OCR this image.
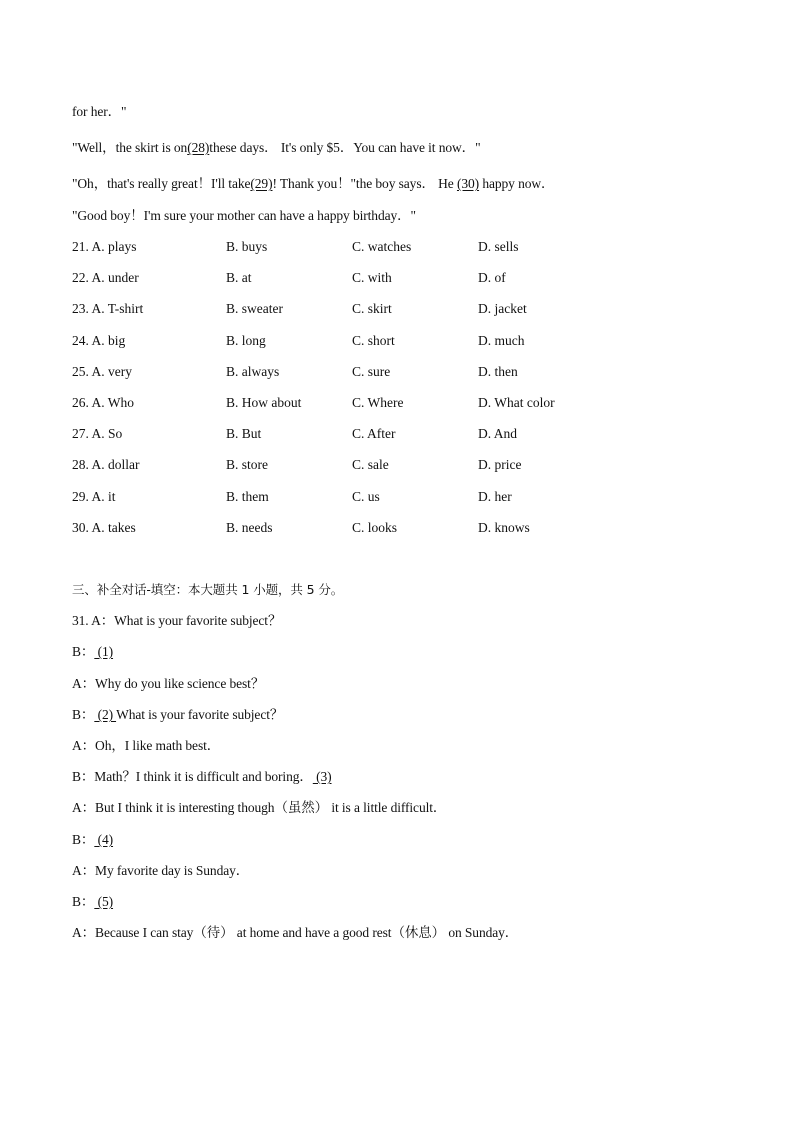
for her．"
"Well，the skirt is on(28)these days． It's only $5．You can have it now．"
"Oh，that's really great！I'll take(29)! Thank you！"the boy says． He (30) happy now．
"Good boy！I'm sure your mother can have a happy birthday．"
21. A. plays	B. buys	C. watches	D. sells
22. A. under	B. at	C. with	D. of
23. A. T-shirt	B. sweater	C. skirt	D. jacket
24. A. big	B. long	C. short	D. much
25. A. very	B. always	C. sure	D. then
26. A. Who	B. How about	C. Where	D. What color
27. A. So	B. But	C. After	D. And
28. A. dollar	B. store	C. sale	D. price
29. A. it	B. them	C. us	D. her
30. A. takes	B. needs	C. looks	D. knows
三、补全对话-填空：本大题共 1 小题，共 5 分。
31. A：What is your favorite subject？
B： (1)
A：Why do you like science best？
B： (2) What is your favorite subject？
A：Oh，I like math best．
B：Math？I think it is difficult and boring． (3)
A：But I think it is interesting though（虽然） it is a little difficult．
B： (4)
A：My favorite day is Sunday．
B： (5)
A：Because I can stay（待） at home and have a good rest（休息） on Sunday．
